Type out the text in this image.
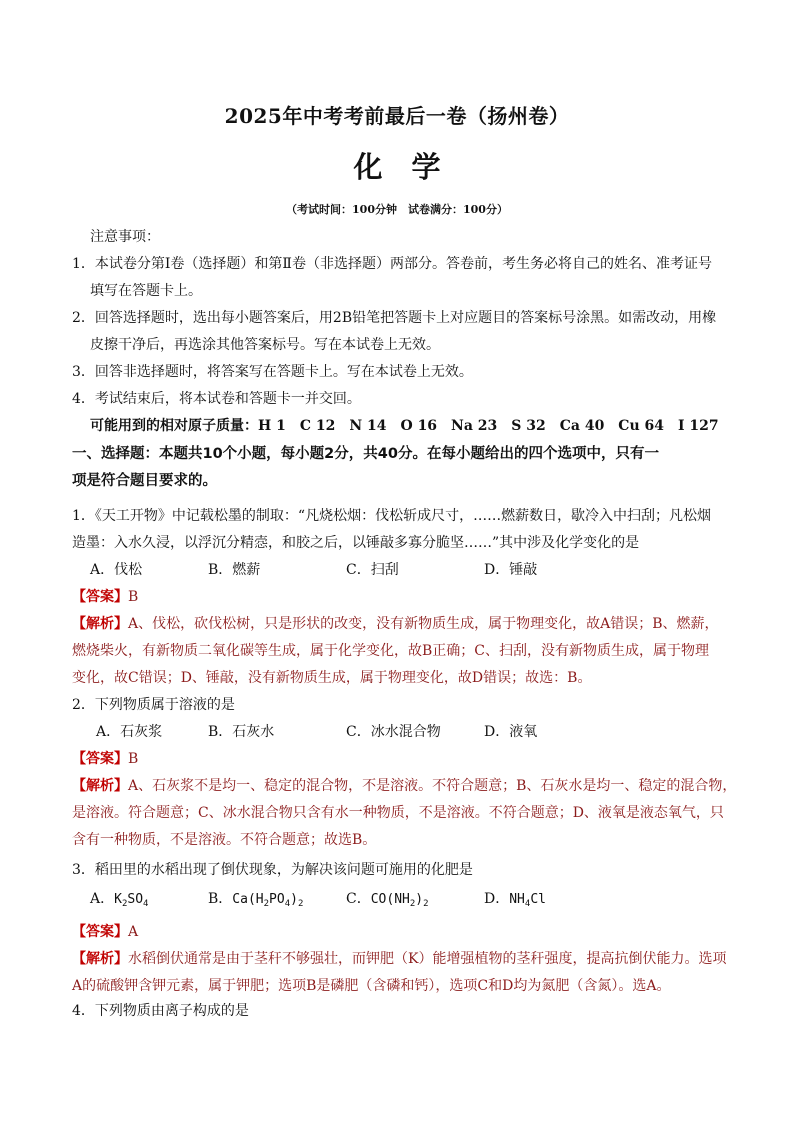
2025年中考考前最后一卷（扬州卷）
化　学
（考试时间：100分钟　试卷满分：100分）
注意事项：
1．本试卷分第Ⅰ卷（选择题）和第Ⅱ卷（非选择题）两部分。答卷前，考生务必将自己的姓名、准考证号
填写在答题卡上。
2．回答选择题时，选出每小题答案后，用2B铅笔把答题卡上对应题目的答案标号涂黑。如需改动，用橡
皮擦干净后，再选涂其他答案标号。写在本试卷上无效。
3．回答非选择题时，将答案写在答题卡上。写在本试卷上无效。
4．考试结束后，将本试卷和答题卡一并交回。
可能用到的相对原子质量：H 1　C 12　N 14　O 16　Na 23　S 32　Ca 40　Cu 64　I 127
一、选择题：本题共10个小题，每小题2分，共40分。在每小题给出的四个选项中，只有一
项是符合题目要求的。
1．《天工开物》中记载松墨的制取：“凡烧松烟：伐松斩成尺寸，……燃薪数日，歇冷入中扫刮；凡松烟
造墨：入水久浸，以浮沉分精悫，和胶之后，以锤敲多寡分脆坚……”其中涉及化学变化的是
A．伐松	B．燃薪	C．扫刮	D．锤敲
【答案】B
【解析】A、伐松，砍伐松树，只是形状的改变，没有新物质生成，属于物理变化，故A错误；B、燃薪，
燃烧柴火，有新物质二氧化碳等生成，属于化学变化，故B正确；C、扫刮，没有新物质生成，属于物理
变化，故C错误；D、锤敲，没有新物质生成，属于物理变化，故D错误；故选：B。
2．下列物质属于溶液的是
A．石灰浆	B．石灰水	C．冰水混合物	D．液氧
【答案】B
【解析】A、石灰浆不是均一、稳定的混合物，不是溶液。不符合题意；B、石灰水是均一、稳定的混合物，
是溶液。符合题意；C、冰水混合物只含有水一种物质，不是溶液。不符合题意；D、液氧是液态氧气，只
含有一种物质，不是溶液。不符合题意；故选B。
3．稻田里的水稻出现了倒伏现象，为解决该问题可施用的化肥是
A．$K_2SO_4$	B．$Ca(H_2PO_4)_2$	C．$CO(NH_2)_2$	D．$NH_4Cl$
【答案】A
【解析】水稻倒伏通常是由于茎秆不够强壮，而钾肥（K）能增强植物的茎秆强度，提高抗倒伏能力。选项
A的硫酸钾含钾元素，属于钾肥；选项B是磷肥（含磷和钙），选项C和D均为氮肥（含氮）。选A。
4．下列物质由离子构成的是
